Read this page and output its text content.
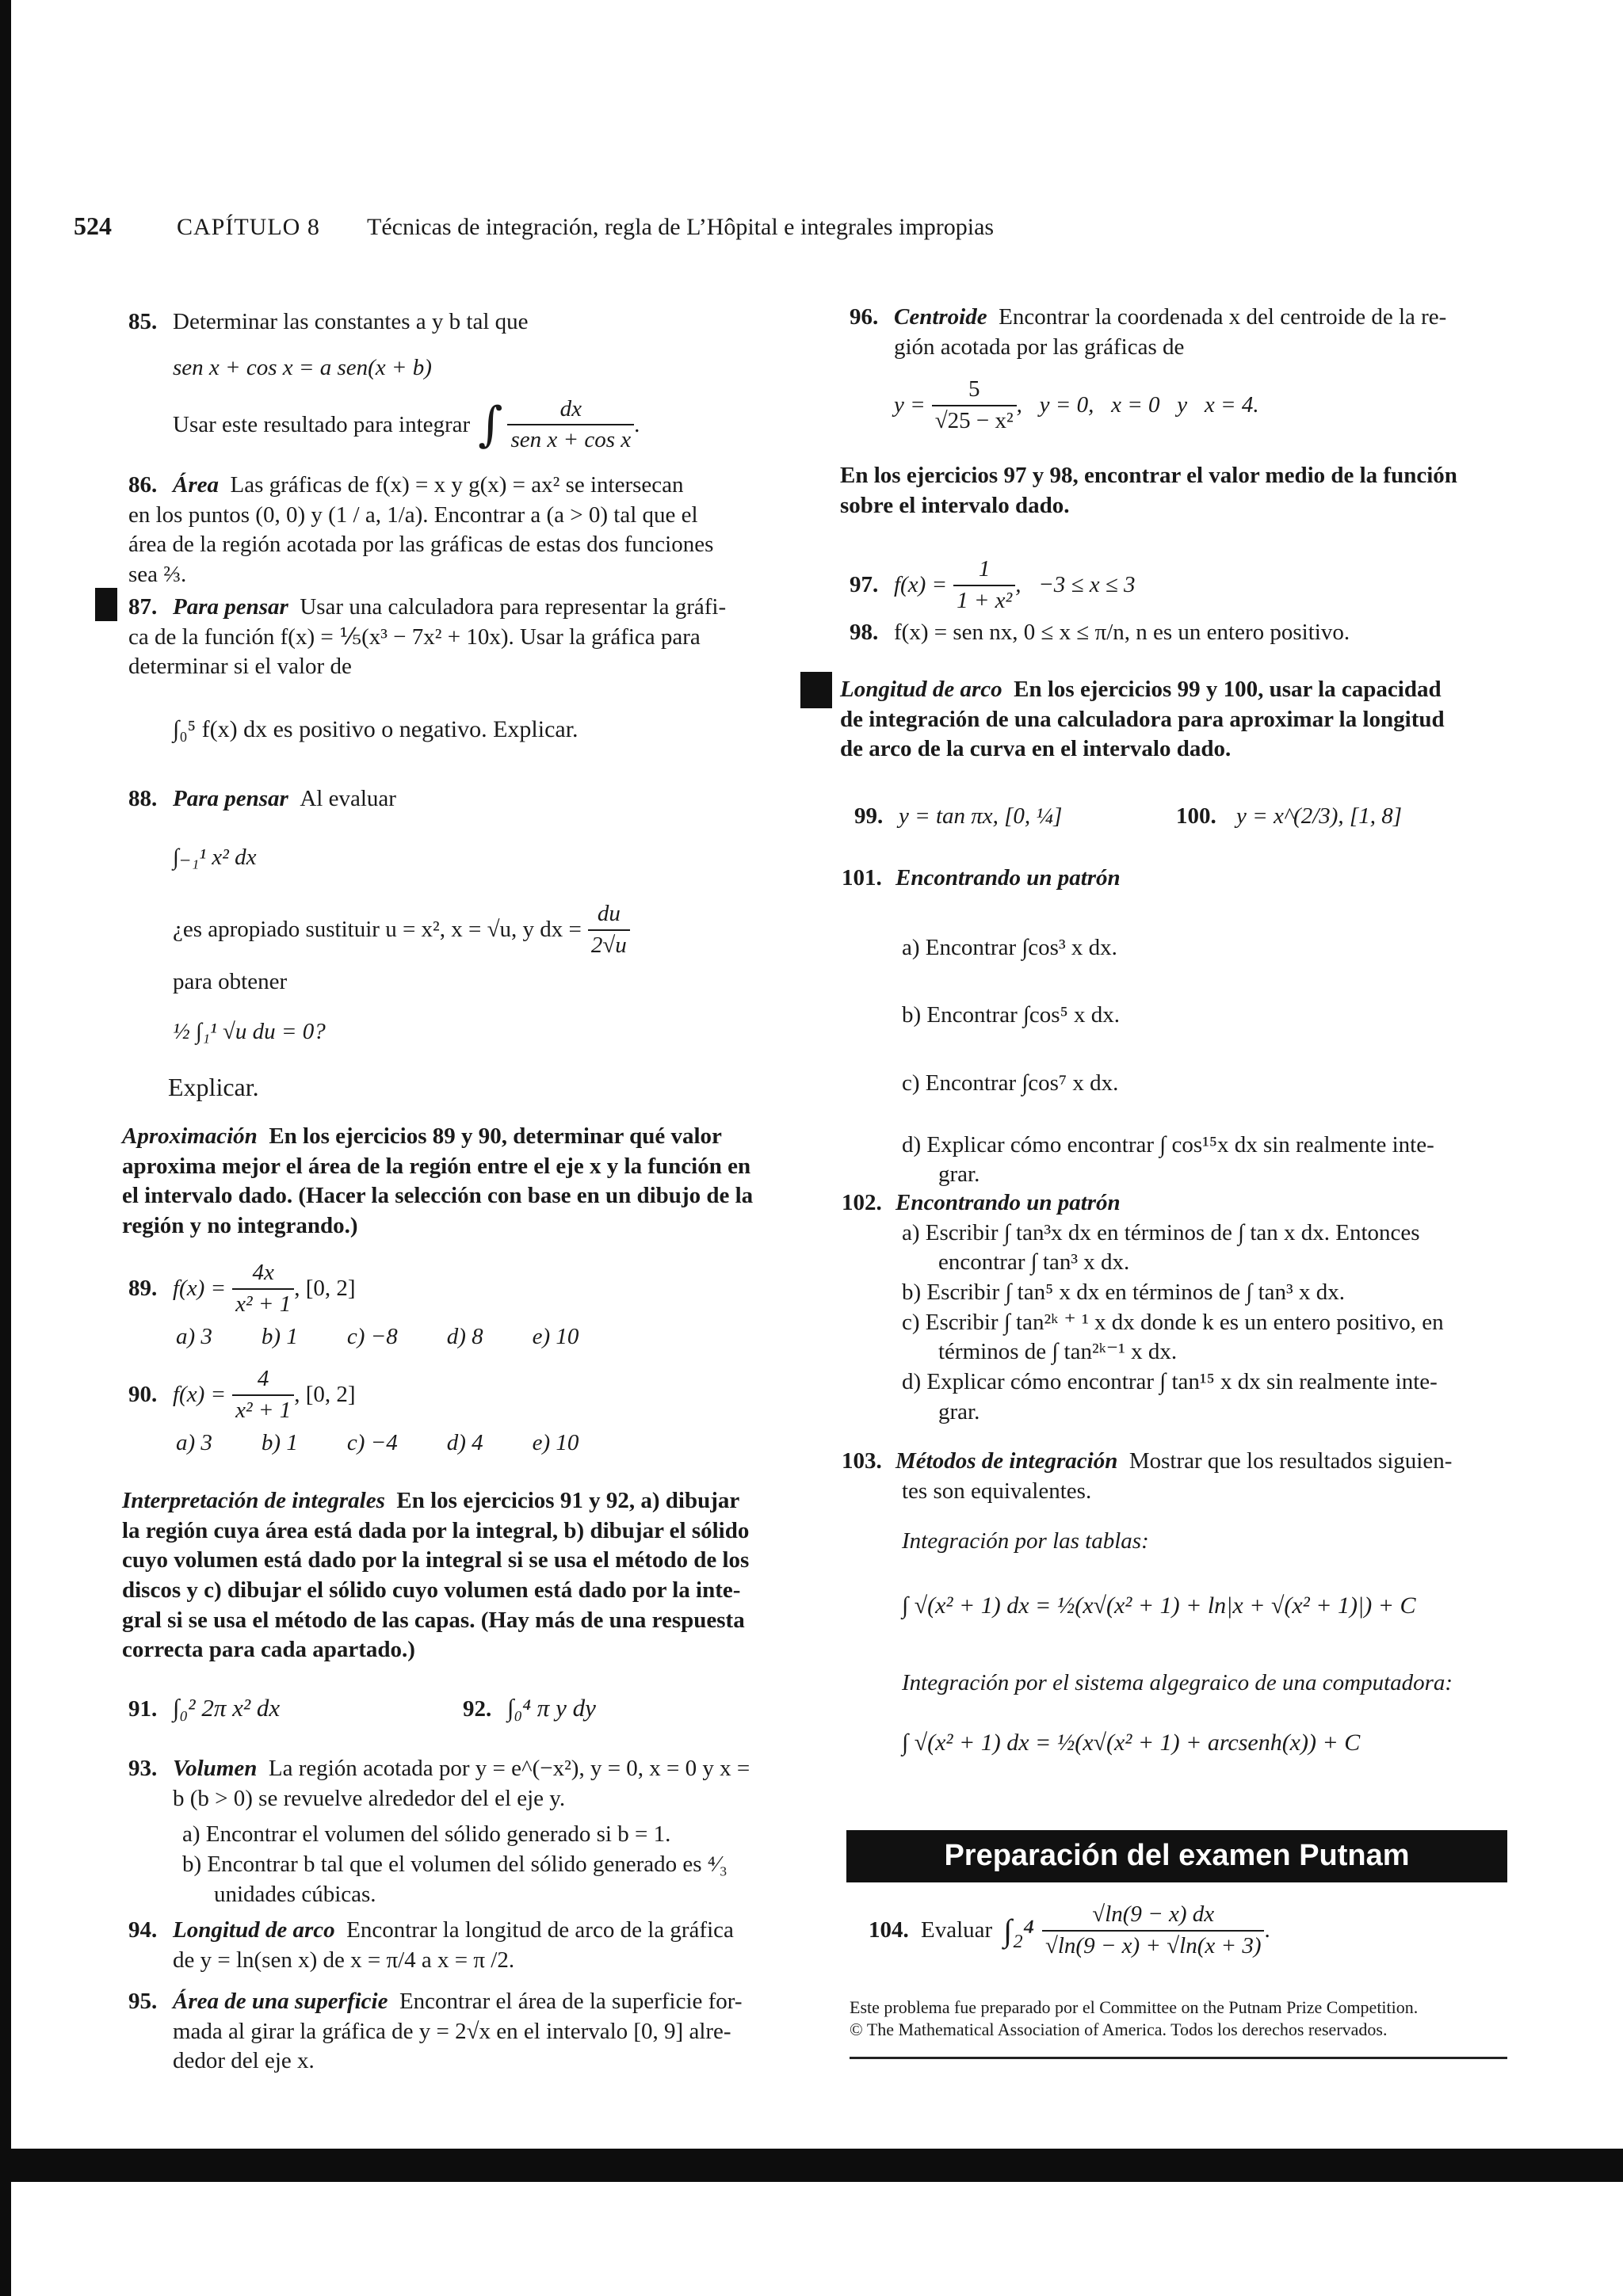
524	CAPÍTULO 8	Técnicas de integración, regla de L’Hôpital e integrales impropias
85. Determinar las constantes a y b tal que
sen x + cos x = a sen(x + b)
Usar este resultado para integrar ∫ $\frac{dx}{\text{sen x + cos x}}$ .
86. Área Las gráficas de f(x) = x y g(x) = ax² se intersecan
en los puntos (0, 0) y (1 / a, 1/a). Encontrar a (a > 0) tal que el
área de la región acotada por las gráficas de estas dos funciones
sea ⅔.
87. Para pensar Usar una calculadora para representar la gráfi-
ca de la función f(x) = ⅕(x³ − 7x² + 10x). Usar la gráfica para
determinar si el valor de
∫₀⁵ f(x) dx es positivo o negativo. Explicar.
88. Para pensar Al evaluar
∫₋₁¹ x² dx
¿es apropiado sustituir u = x², x = √u, y dx = $\frac{du}{2√u}$
para obtener
½ ∫₁¹ √u du = 0?
Explicar.
Aproximación En los ejercicios 89 y 90, determinar qué valor
aproxima mejor el área de la región entre el eje x y la función en
el intervalo dado. (Hacer la selección con base en un dibujo de la
región y no integrando.)
89. $f(x) = \frac{4x}{\text{x² + 1}}$ , [0, 2]
a) 3 b) 1 c) −8 d) 8 e) 10
90. $f(x) = \frac{4}{\text{x² + 1}}$ , [0, 2]
a) 3 b) 1 c) −4 d) 4 e) 10
Interpretación de integrales En los ejercicios 91 y 92, a) dibujar
la región cuya área está dada por la integral, b) dibujar el sólido
cuyo volumen está dado por la integral si se usa el método de los
discos y c) dibujar el sólido cuyo volumen está dado por la inte-
gral si se usa el método de las capas. (Hay más de una respuesta
correcta para cada apartado.)
91. ∫₀² 2π x² dx	92. ∫₀⁴ π y dy
93. Volumen La región acotada por y = e^(−x²), y = 0, x = 0 y x =
b (b > 0) se revuelve alrededor del el eje y.
a) Encontrar el volumen del sólido generado si b = 1.
b) Encontrar b tal que el volumen del sólido generado es ⁴⁄₃
unidades cúbicas.
94. Longitud de arco Encontrar la longitud de arco de la gráfica
de y = ln(sen x) de x = π/4 a x = π /2.
95. Área de una superficie Encontrar el área de la superficie for-
mada al girar la gráfica de y = 2√x en el intervalo [0, 9] alre-
dedor del eje x.
96. Centroide Encontrar la coordenada x del centroide de la re-
gión acotada por las gráficas de
$y = \frac{5}{\text{√25 − x²}}$ ,   y = 0,   x = 0   y   x = 4.
En los ejercicios 97 y 98, encontrar el valor medio de la función
sobre el intervalo dado.
97. $f(x) = \frac{1}{\text{1 + x²}}$ ,   −3 ≤ x ≤ 3
98. f(x) = sen nx, 0 ≤ x ≤ π/n, n es un entero positivo.
Longitud de arco En los ejercicios 99 y 100, usar la capacidad
de integración de una calculadora para aproximar la longitud
de arco de la curva en el intervalo dado.
99. y = tan πx, [0, ¼]	100. y = x^(2/3), [1, 8]
101. Encontrando un patrón
a) Encontrar ∫cos³ x dx.
b) Encontrar ∫cos⁵ x dx.
c) Encontrar ∫cos⁷ x dx.
d) Explicar cómo encontrar ∫ cos¹⁵x dx sin realmente inte-
grar.
102. Encontrando un patrón
a) Escribir ∫ tan³x dx en términos de ∫ tan x dx. Entonces
encontrar ∫ tan³ x dx.
b) Escribir ∫ tan⁵ x dx en términos de ∫ tan³ x dx.
c) Escribir ∫ tan²ᵏ ⁺ ¹ x dx donde k es un entero positivo, en
términos de ∫ tan²ᵏ⁻¹ x dx.
d) Explicar cómo encontrar ∫ tan¹⁵ x dx sin realmente inte-
grar.
103. Métodos de integración Mostrar que los resultados siguien-
tes son equivalentes.
Integración por las tablas:
∫ √(x² + 1) dx = ½(x√(x² + 1) + ln|x + √(x² + 1)|) + C
Integración por el sistema algegraico de una computadora:
∫ √(x² + 1) dx = ½(x√(x² + 1) + arcsenh(x)) + C
Preparación del examen Putnam
104. Evaluar $\int_2^4 \frac{√\ln(9 - x) dx}{√\ln(9 - x) + √\ln(x + 3)}$ .
Este problema fue preparado por el Committee on the Putnam Prize Competition.
© The Mathematical Association of America. Todos los derechos reservados.
